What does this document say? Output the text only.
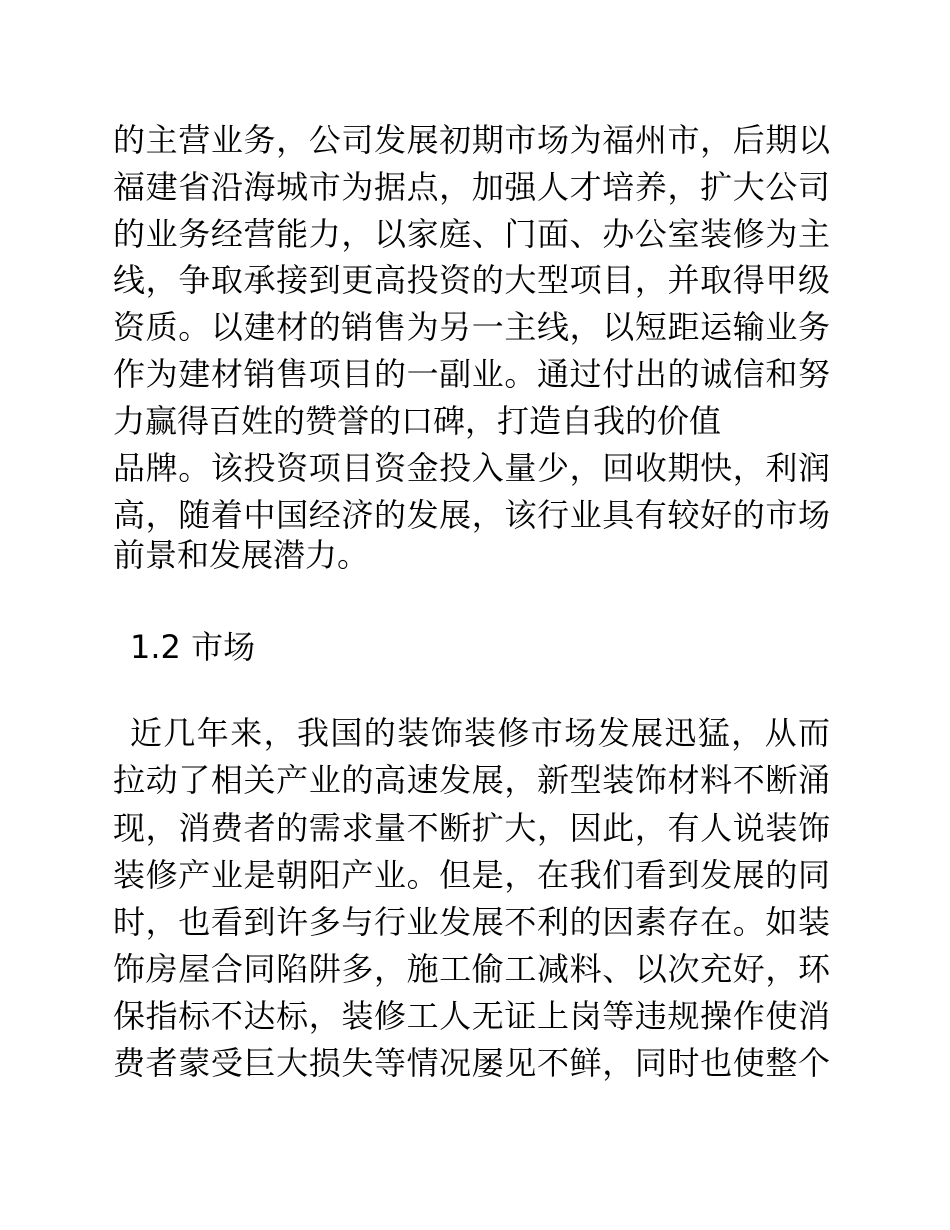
的主营业务，公司发展初期市场为福州市，后期以
福建省沿海城市为据点，加强人才培养，扩大公司
的业务经营能力，以家庭、门面、办公室装修为主
线，争取承接到更高投资的大型项目，并取得甲级
资质。以建材的销售为另一主线，以短距运输业务
作为建材销售项目的一副业。通过付出的诚信和努
力赢得百姓的赞誉的口碑，打造自我的价值
品牌。该投资项目资金投入量少，回收期快，利润
高，随着中国经济的发展，该行业具有较好的市场
前景和发展潜力。
1.2 市场
近几年来，我国的装饰装修市场发展迅猛，从而
拉动了相关产业的高速发展，新型装饰材料不断涌
现，消费者的需求量不断扩大，因此，有人说装饰
装修产业是朝阳产业。但是，在我们看到发展的同
时，也看到许多与行业发展不利的因素存在。如装
饰房屋合同陷阱多，施工偷工减料、以次充好，环
保指标不达标，装修工人无证上岗等违规操作使消
费者蒙受巨大损失等情况屡见不鲜，同时也使整个
